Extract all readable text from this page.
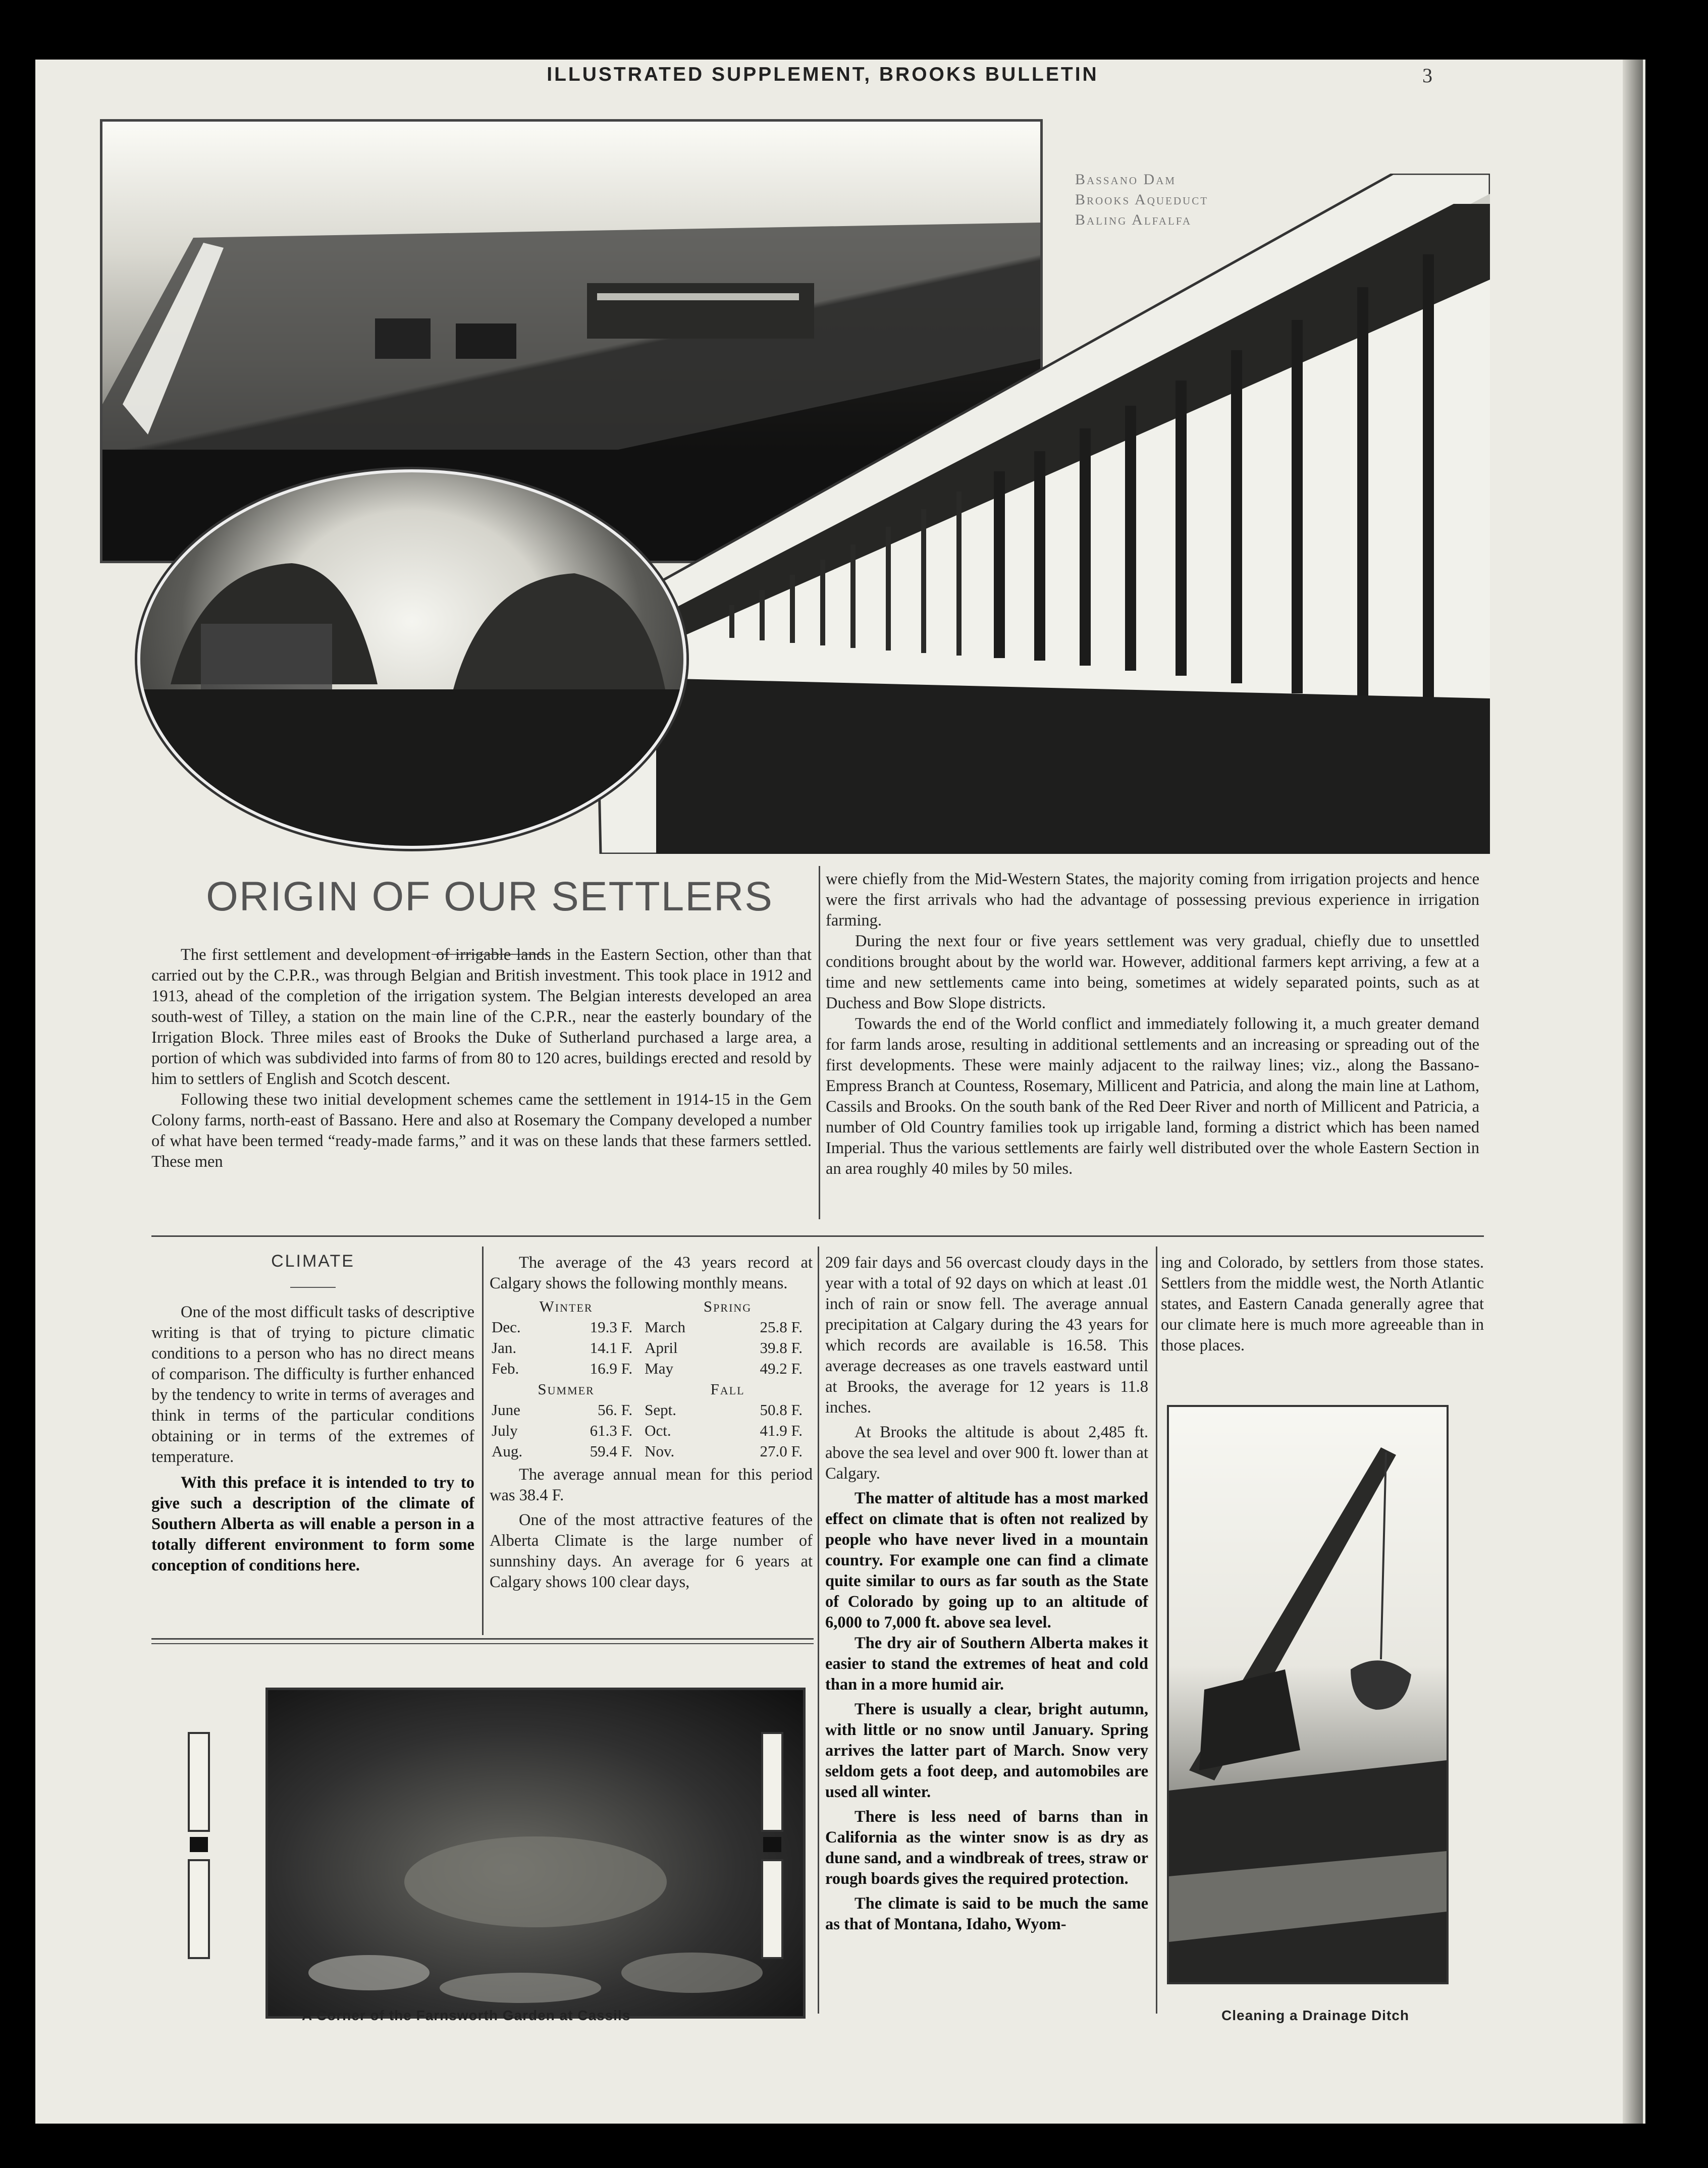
ILLUSTRATED SUPPLEMENT, BROOKS BULLETIN	3
Bassano Dam
Brooks Aqueduct
Baling Alfalfa
ORIGIN OF OUR SETTLERS

The first settlement and development of irrigable lands in the Eastern Section, other than that carried out by the C.P.R., was through Belgian and British investment. This took place in 1912 and 1913, ahead of the completion of the irrigation system. The Belgian interests developed an area south-west of Tilley, a station on the main line of the C.P.R., near the easterly boundary of the Irrigation Block. Three miles east of Brooks the Duke of Sutherland purchased a large area, a portion of which was subdivided into farms of from 80 to 120 acres, buildings erected and resold by him to settlers of English and Scotch descent.

Following these two initial development schemes came the settlement in 1914-15 in the Gem Colony farms, north-east of Bassano. Here and also at Rosemary the Company developed a number of what have been termed “ready-made farms,” and it was on these lands that these farmers settled. These men

were chiefly from the Mid-Western States, the majority coming from irrigation projects and hence were the first arrivals who had the advantage of possessing previous experience in irrigation farming.

During the next four or five years settlement was very gradual, chiefly due to unsettled conditions brought about by the world war. However, additional farmers kept arriving, a few at a time and new settlements came into being, sometimes at widely separated points, such as at Duchess and Bow Slope districts.

Towards the end of the World conflict and immediately following it, a much greater demand for farm lands arose, resulting in additional settlements and an increasing or spreading out of the first developments. These were mainly adjacent to the railway lines; viz., along the Bassano-Empress Branch at Countess, Rosemary, Millicent and Patricia, and along the main line at Lathom, Cassils and Brooks. On the south bank of the Red Deer River and north of Millicent and Patricia, a number of Old Country families took up irrigable land, forming a district which has been named Imperial. Thus the various settlements are fairly well distributed over the whole Eastern Section in an area roughly 40 miles by 50 miles.

CLIMATE

One of the most difficult tasks of descriptive writing is that of trying to picture climatic conditions to a person who has no direct means of comparison. The difficulty is further enhanced by the tendency to write in terms of averages and think in terms of the particular conditions obtaining or in terms of the extremes of temperature.

With this preface it is intended to try to give such a description of the climate of Southern Alberta as will enable a person in a totally different environment to form some conception of conditions here.

The average of the 43 years record at Calgary shows the following monthly means.

Winter		Spring	
Dec.	19.3 F.	March	25.8 F.
Jan.	14.1 F.	April	39.8 F.
Feb.	16.9 F.	May	49.2 F.
Summer		Fall	
June	56. F.	Sept.	50.8 F.
July	61.3 F.	Oct.	41.9 F.
Aug.	59.4 F.	Nov.	27.0 F.

The average annual mean for this period was 38.4 F.

One of the most attractive features of the Alberta Climate is the large number of sunnshiny days. An average for 6 years at Calgary shows 100 clear days,

209 fair days and 56 overcast cloudy days in the year with a total of 92 days on which at least .01 inch of rain or snow fell. The average annual precipitation at Calgary during the 43 years for which records are available is 16.58. This average decreases as one travels eastward until at Brooks, the average for 12 years is 11.8 inches.

At Brooks the altitude is about 2,485 ft. above the sea level and over 900 ft. lower than at Calgary.

The matter of altitude has a most marked effect on climate that is often not realized by people who have never lived in a mountain country. For example one can find a climate quite similar to ours as far south as the State of Colorado by going up to an altitude of 6,000 to 7,000 ft. above sea level.

The dry air of Southern Alberta makes it easier to stand the extremes of heat and cold than in a more humid air.

There is usually a clear, bright autumn, with little or no snow until January. Spring arrives the latter part of March. Snow very seldom gets a foot deep, and automobiles are used all winter.

There is less need of barns than in California as the winter snow is as dry as dune sand, and a windbreak of trees, straw or rough boards gives the required protection.

The climate is said to be much the same as that of Montana, Idaho, Wyom-

ing and Colorado, by settlers from those states. Settlers from the middle west, the North Atlantic states, and Eastern Canada generally agree that our climate here is much more agreeable than in those places.

A Corner of the Farnsworth Garden at Cassils	Cleaning a Drainage Ditch
